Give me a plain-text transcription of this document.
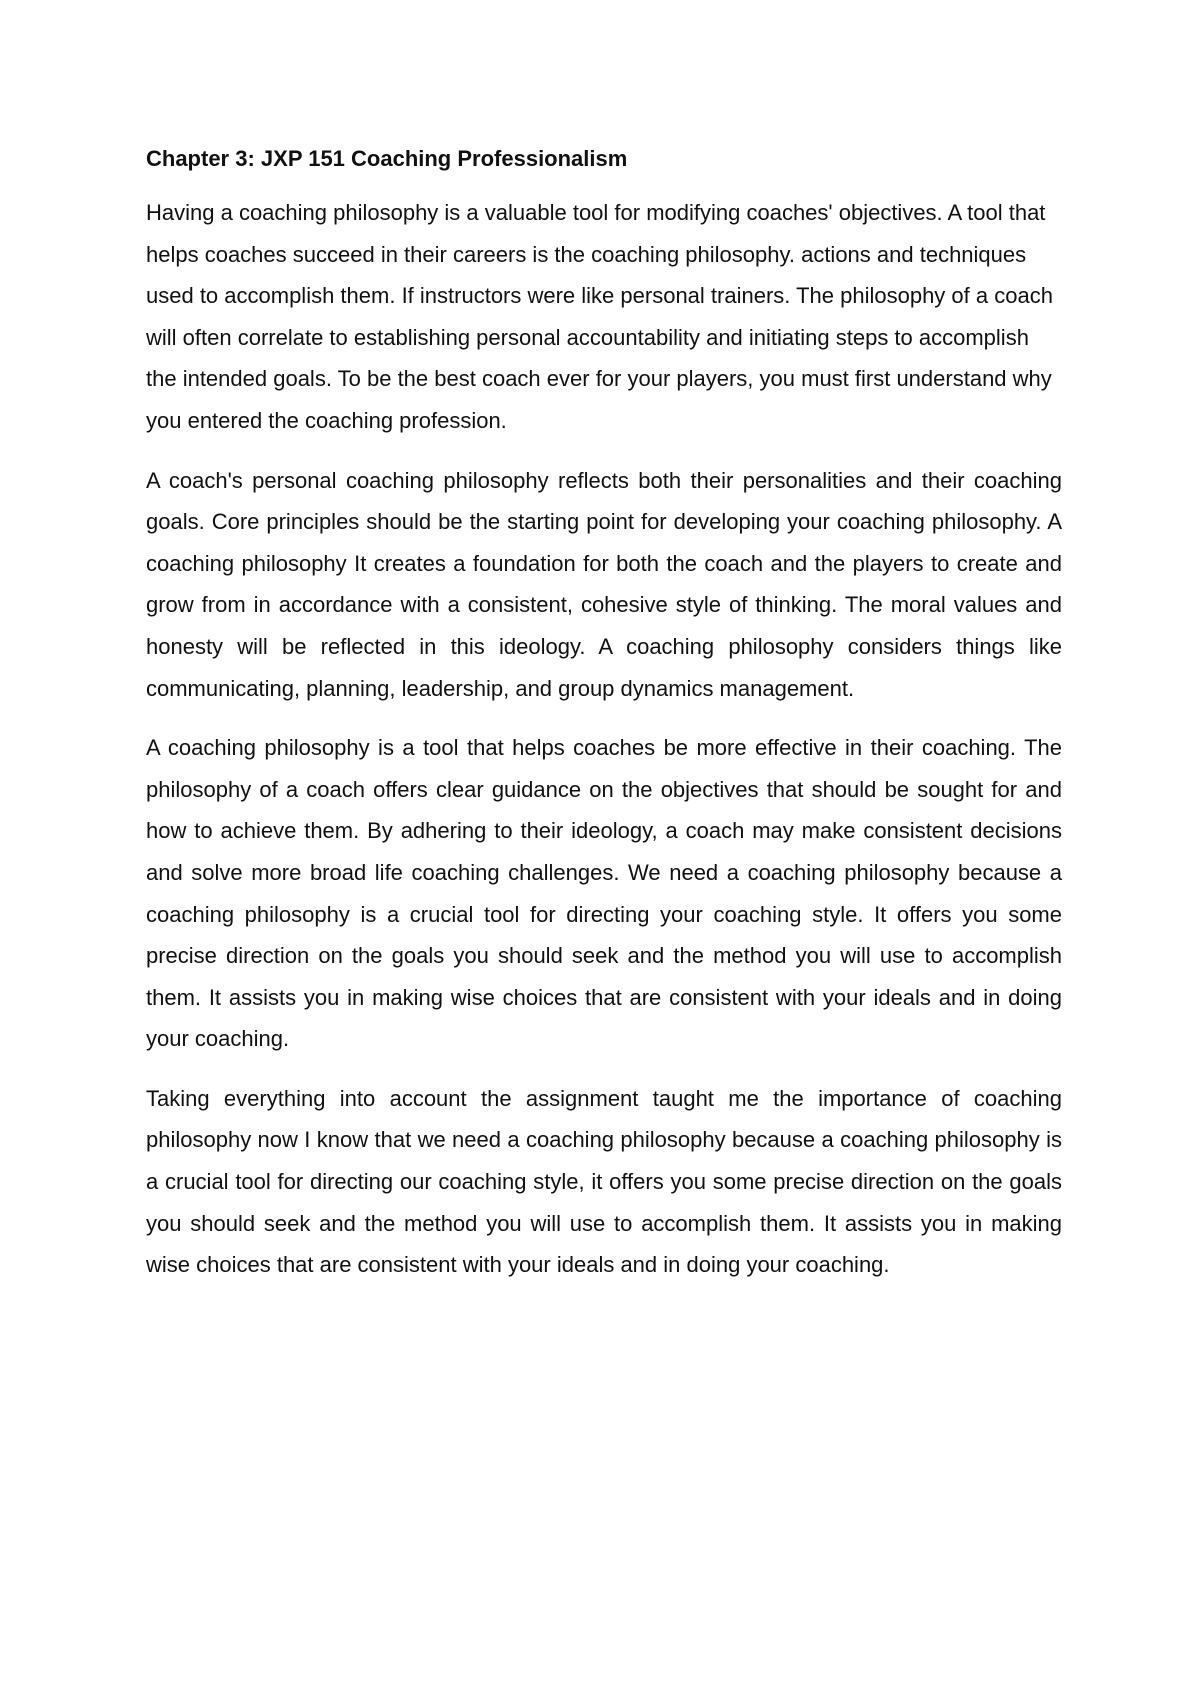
Chapter 3: JXP 151 Coaching Professionalism

Having a coaching philosophy is a valuable tool for modifying coaches' objectives. A tool that helps coaches succeed in their careers is the coaching philosophy. actions and techniques used to accomplish them. If instructors were like personal trainers. The philosophy of a coach will often correlate to establishing personal accountability and initiating steps to accomplish the intended goals. To be the best coach ever for your players, you must first understand why you entered the coaching profession.

A coach's personal coaching philosophy reflects both their personalities and their coaching goals. Core principles should be the starting point for developing your coaching philosophy. A coaching philosophy It creates a foundation for both the coach and the players to create and grow from in accordance with a consistent, cohesive style of thinking. The moral values and honesty will be reflected in this ideology. A coaching philosophy considers things like communicating, planning, leadership, and group dynamics management.

A coaching philosophy is a tool that helps coaches be more effective in their coaching. The philosophy of a coach offers clear guidance on the objectives that should be sought for and how to achieve them. By adhering to their ideology, a coach may make consistent decisions and solve more broad life coaching challenges. We need a coaching philosophy because a coaching philosophy is a crucial tool for directing your coaching style. It offers you some precise direction on the goals you should seek and the method you will use to accomplish them. It assists you in making wise choices that are consistent with your ideals and in doing your coaching.

Taking everything into account the assignment taught me the importance of coaching philosophy now I know that we need a coaching philosophy because a coaching philosophy is a crucial tool for directing our coaching style, it offers you some precise direction on the goals you should seek and the method you will use to accomplish them. It assists you in making wise choices that are consistent with your ideals and in doing your coaching.
